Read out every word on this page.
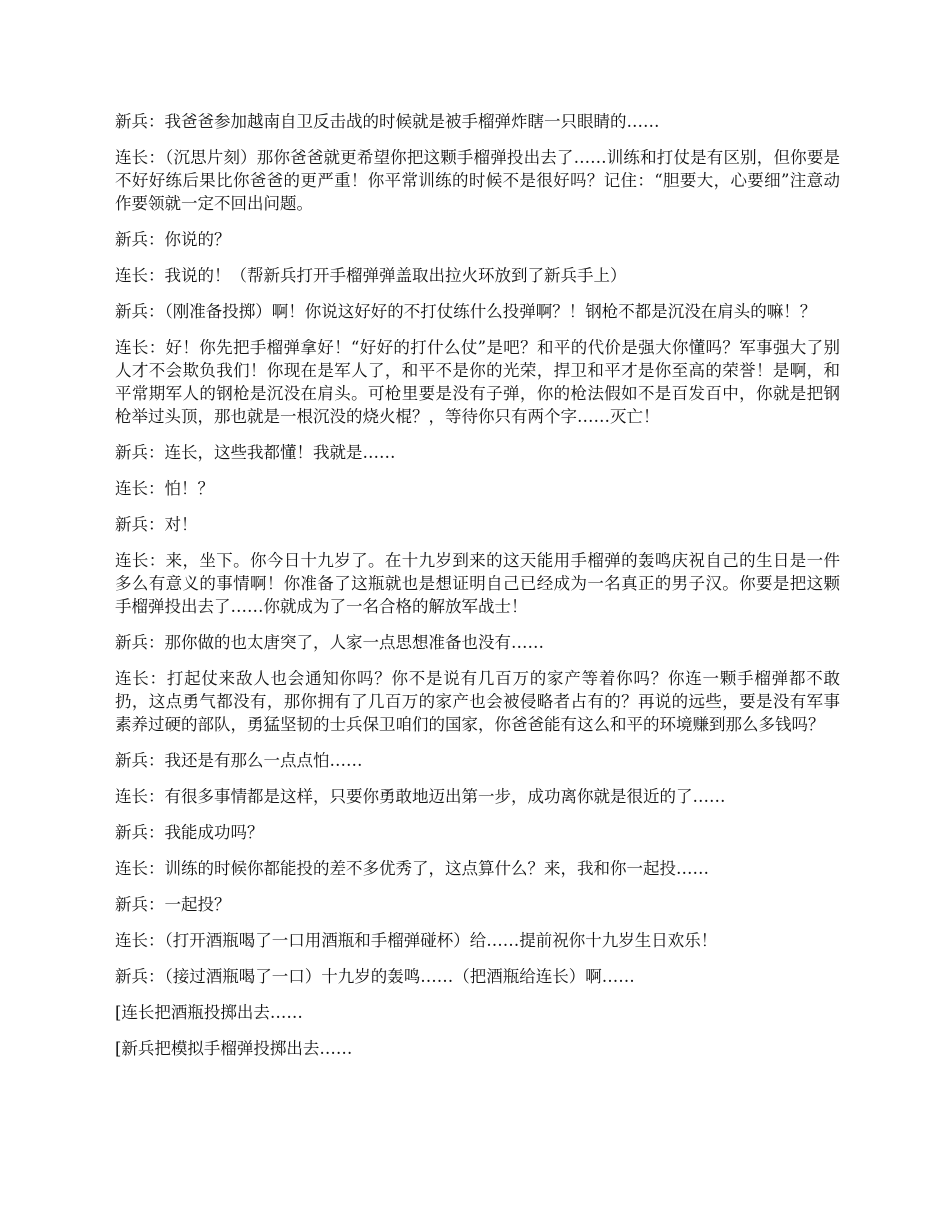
新兵：我爸爸参加越南自卫反击战的时候就是被手榴弹炸瞎一只眼睛的……

连长：（沉思片刻）那你爸爸就更希望你把这颗手榴弹投出去了……训练和打仗是有区别，但你要是不好好练后果比你爸爸的更严重！你平常训练的时候不是很好吗？记住：“胆要大，心要细”注意动作要领就一定不回出问题。

新兵：你说的？

连长：我说的！（帮新兵打开手榴弹弹盖取出拉火环放到了新兵手上）

新兵：（刚准备投掷）啊！你说这好好的不打仗练什么投弹啊？！钢枪不都是沉没在肩头的嘛！？

连长：好！你先把手榴弹拿好！“好好的打什么仗”是吧？和平的代价是强大你懂吗？军事强大了别人才不会欺负我们！你现在是军人了，和平不是你的光荣，捍卫和平才是你至高的荣誉！是啊，和平常期军人的钢枪是沉没在肩头。可枪里要是没有子弹，你的枪法假如不是百发百中，你就是把钢枪举过头顶，那也就是一根沉没的烧火棍？，等待你只有两个字……灭亡！

新兵：连长，这些我都懂！我就是……

连长：怕！？

新兵：对！

连长：来，坐下。你今日十九岁了。在十九岁到来的这天能用手榴弹的轰鸣庆祝自己的生日是一件多么有意义的事情啊！你准备了这瓶就也是想证明自己已经成为一名真正的男子汉。你要是把这颗手榴弹投出去了……你就成为了一名合格的解放军战士！

新兵：那你做的也太唐突了，人家一点思想准备也没有……

连长：打起仗来敌人也会通知你吗？你不是说有几百万的家产等着你吗？你连一颗手榴弹都不敢扔，这点勇气都没有，那你拥有了几百万的家产也会被侵略者占有的？再说的远些，要是没有军事素养过硬的部队，勇猛坚韧的士兵保卫咱们的国家，你爸爸能有这么和平的环境赚到那么多钱吗？

新兵：我还是有那么一点点怕……

连长：有很多事情都是这样，只要你勇敢地迈出第一步，成功离你就是很近的了……

新兵：我能成功吗？

连长：训练的时候你都能投的差不多优秀了，这点算什么？来，我和你一起投……

新兵：一起投？

连长：（打开酒瓶喝了一口用酒瓶和手榴弹碰杯）给……提前祝你十九岁生日欢乐！

新兵：（接过酒瓶喝了一口）十九岁的轰鸣……（把酒瓶给连长）啊……

[连长把酒瓶投掷出去……

[新兵把模拟手榴弹投掷出去……
